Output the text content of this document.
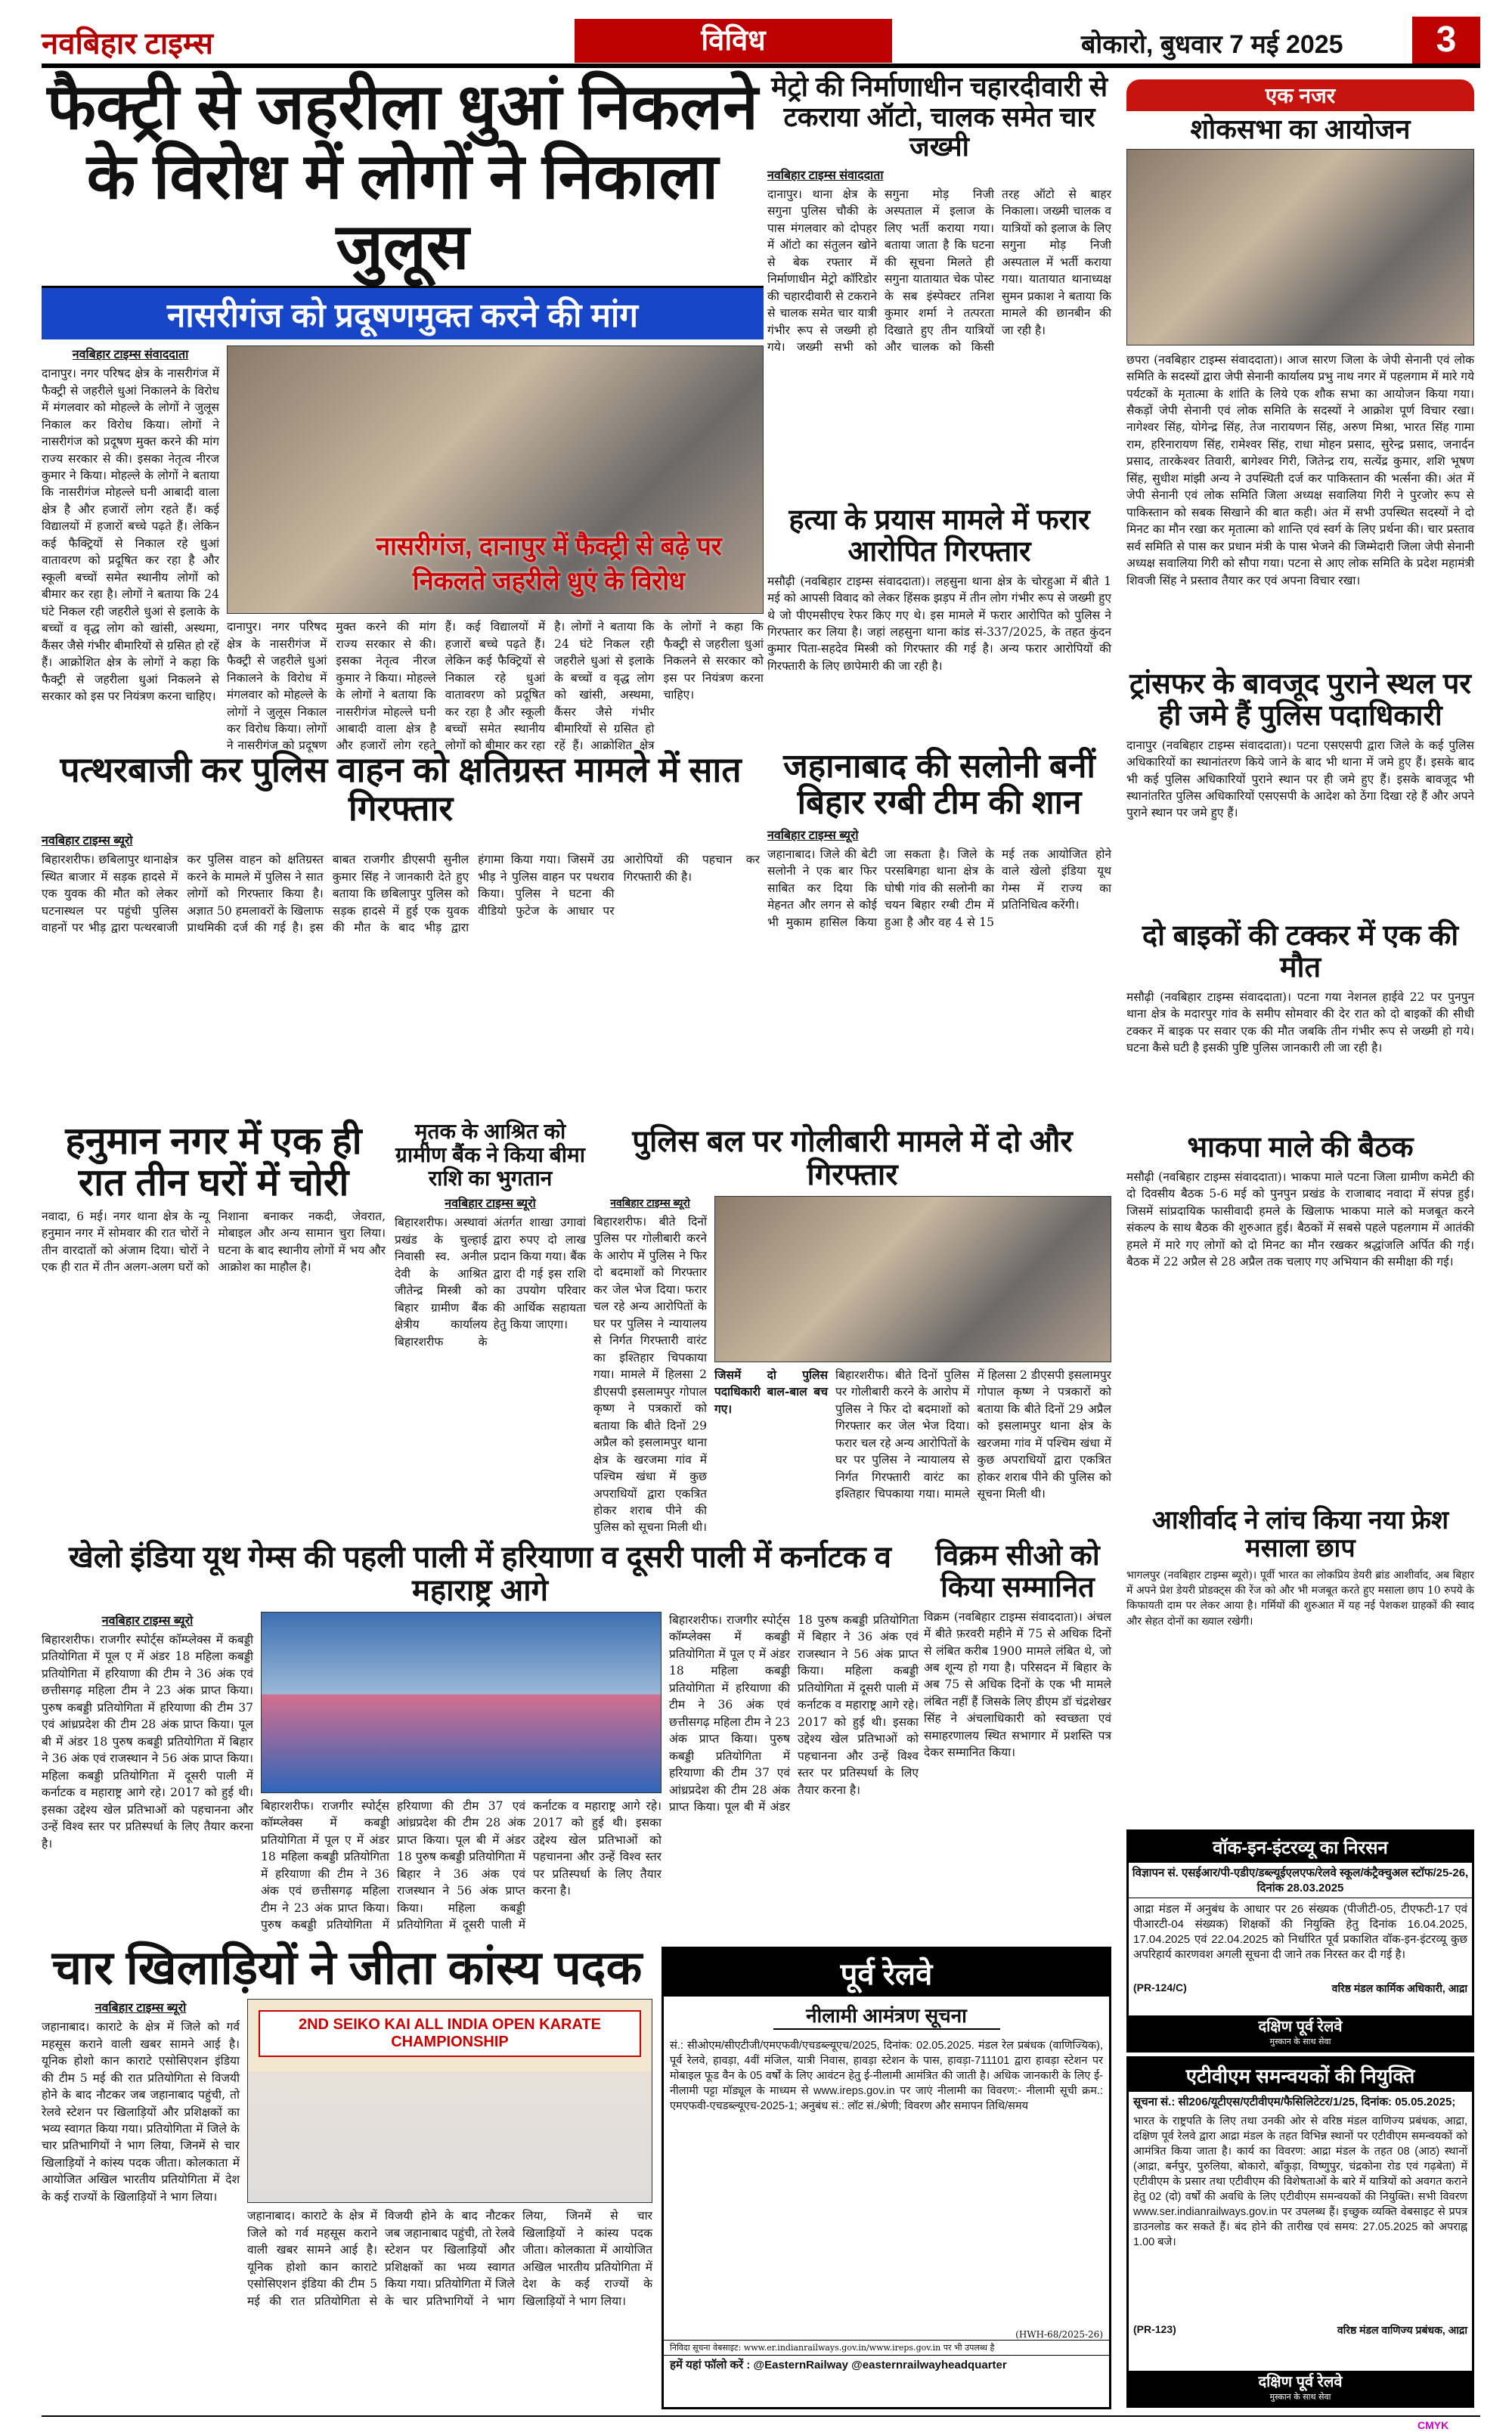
नवबिहार टाइम्स	विविध	बोकारो, बुधवार 7 मई 2025	3
फैक्ट्री से जहरीला धुआं निकलने के विरोध में लोगों ने निकाला जुलूस
नासरीगंज को प्रदूषणमुक्त करने की मांग
नवबिहार टाइम्स संवाददाता
दानापुर। नगर परिषद क्षेत्र के नासरीगंज में फैक्ट्री से जहरीले धुआं निकालने के विरोध में मंगलवार को मोहल्ले के लोगों ने जुलूस निकाल कर विरोध किया। लोगों ने नासरीगंज को प्रदूषण मुक्त करने की मांग राज्य सरकार से की। इसका नेतृत्व नीरज कुमार ने किया। मोहल्ले के लोगों ने बताया कि नासरीगंज मोहल्ले घनी आबादी वाला क्षेत्र है और हजारों लोग रहते हैं। कई विद्यालयों में हजारों बच्चे पढ़ते हैं। लेकिन कई फैक्ट्रियों से निकाल रहे धुआं वातावरण को प्रदूषित कर रहा है और स्कूली बच्चों समेत स्थानीय लोगों को बीमार कर रहा है। लोगों ने बताया कि 24 घंटे निकल रही जहरीले धुआं से इलाके के बच्चों व वृद्ध लोग को खांसी, अस्थमा, कैंसर जैसे गंभीर बीमारियों से ग्रसित हो रहें हैं। आक्रोशित क्षेत्र के लोगों ने कहा कि फैक्ट्री से जहरीला धुआं निकलने से सरकार को इस पर नियंत्रण करना चाहिए।
नासरीगंज, दानापुर में फैक्ट्री से बढ़े पर निकलते जहरीले धुएं के विरोध
दानापुर। नगर परिषद क्षेत्र के नासरीगंज में फैक्ट्री से जहरीले धुआं निकालने के विरोध में मंगलवार को मोहल्ले के लोगों ने जुलूस निकाल कर विरोध किया। लोगों ने नासरीगंज को प्रदूषण मुक्त करने की मांग राज्य सरकार से की। इसका नेतृत्व नीरज कुमार ने किया। मोहल्ले के लोगों ने बताया कि नासरीगंज मोहल्ले घनी आबादी वाला क्षेत्र है और हजारों लोग रहते हैं। कई विद्यालयों में हजारों बच्चे पढ़ते हैं। लेकिन कई फैक्ट्रियों से निकाल रहे धुआं वातावरण को प्रदूषित कर रहा है और स्कूली बच्चों समेत स्थानीय लोगों को बीमार कर रहा है। लोगों ने बताया कि 24 घंटे निकल रही जहरीले धुआं से इलाके के बच्चों व वृद्ध लोग को खांसी, अस्थमा, कैंसर जैसे गंभीर बीमारियों से ग्रसित हो रहें हैं। आक्रोशित क्षेत्र के लोगों ने कहा कि फैक्ट्री से जहरीला धुआं निकलने से सरकार को इस पर नियंत्रण करना चाहिए।
मेट्रो की निर्माणाधीन चहारदीवारी से टकराया ऑटो, चालक समेत चार जख्मी
नवबिहार टाइम्स संवाददाता
दानापुर। थाना क्षेत्र के सगुना पुलिस चौकी के पास मंगलवार को दोपहर में ऑटो का संतुलन खोने से बेक रफ्तार में निर्माणाधीन मेट्रो कॉरिडोर की चहारदीवारी से टकराने से चालक समेत चार यात्री गंभीर रूप से जख्मी हो गये। जख्मी सभी को सगुना मोड़ निजी अस्पताल में इलाज के लिए भर्ती कराया गया। बताया जाता है कि घटना की सूचना मिलते ही सगुना यातायात चेक पोस्ट के सब इंस्पेक्टर तनिश कुमार शर्मा ने तत्परता दिखाते हुए तीन यात्रियों और चालक को किसी तरह ऑटो से बाहर निकाला। जख्मी चालक व यात्रियों को इलाज के लिए सगुना मोड़ निजी अस्पताल में भर्ती कराया गया। यातायात थानाध्यक्ष सुमन प्रकाश ने बताया कि मामले की छानबीन की जा रही है।
हत्या के प्रयास मामले में फरार आरोपित गिरफ्तार
मसौढ़ी (नवबिहार टाइम्स संवाददाता)। लहसुना थाना क्षेत्र के चोरहुआ में बीते 1 मई को आपसी विवाद को लेकर हिंसक झड़प में तीन लोग गंभीर रूप से जख्मी हुए थे जो पीएमसीएच रेफर किए गए थे। इस मामले में फरार आरोपित को पुलिस ने गिरफ्तार कर लिया है। जहां लहसुना थाना कांड सं-337/2025, के तहत कुंदन कुमार पिता-सहदेव मिस्त्री को गिरफ्तार की गई है। अन्य फरार आरोपियों की गिरफ्तारी के लिए छापेमारी की जा रही है।
एक नजर
शोकसभा का आयोजन
छपरा (नवबिहार टाइम्स संवाददाता)। आज सारण जिला के जेपी सेनानी एवं लोक समिति के सदस्यों द्वारा जेपी सेनानी कार्यालय प्रभु नाथ नगर में पहलगाम में मारे गये पर्यटकों के मृतात्मा के शांति के लिये एक शौक सभा का आयोजन किया गया। सैकड़ों जेपी सेनानी एवं लोक समिति के सदस्यों ने आक्रोश पूर्ण विचार रखा। नागेश्वर सिंह, योगेन्द्र सिंह, तेज नारायणन सिंह, अरुण मिश्रा, भारत सिंह गामा राम, हरिनारायण सिंह, रामेश्वर सिंह, राधा मोहन प्रसाद, सुरेन्द्र प्रसाद, जनार्दन प्रसाद, तारकेश्वर तिवारी, बागेश्वर गिरी, जितेन्द्र राय, सत्येंद्र कुमार, शशि भूषण सिंह, सुधीश मांझी अन्य ने उपस्थिती दर्ज कर पाकिस्तान की भर्त्सना की। अंत में जेपी सेनानी एवं लोक समिति जिला अध्यक्ष सवालिया गिरी ने पुरजोर रूप से पाकिस्तान को सबक सिखाने की बात कही। अंत में सभी उपस्थित सदस्यों ने दो मिनट का मौन रखा कर मृतात्मा को शान्ति एवं स्वर्ग के लिए प्रर्थना की। चार प्रस्ताव सर्व समिति से पास कर प्रधान मंत्री के पास भेजने की जिम्मेदारी जिला जेपी सेनानी अध्यक्ष सवालिया गिरी को सौपा गया। पटना से आए लोक समिति के प्रदेश महामंत्री शिवजी सिंह ने प्रस्ताव तैयार कर एवं अपना विचार रखा।
ट्रांसफर के बावजूद पुराने स्थल पर ही जमे हैं पुलिस पदाधिकारी
दानापुर (नवबिहार टाइम्स संवाददाता)। पटना एसएसपी द्वारा जिले के कई पुलिस अधिकारियों का स्थानांतरण किये जाने के बाद भी थाना में जमे हुए हैं। इसके बाद भी कई पुलिस अधिकारियों पुराने स्थान पर ही जमे हुए हैं। इसके बावजूद भी स्थानांतरित पुलिस अधिकारियों एसएसपी के आदेश को ठेंगा दिखा रहे हैं और अपने पुराने स्थान पर जमे हुए हैं।
दो बाइकों की टक्कर में एक की मौत
मसौढ़ी (नवबिहार टाइम्स संवाददाता)। पटना गया नेशनल हाईवे 22 पर पुनपुन थाना क्षेत्र के मदारपुर गांव के समीप सोमवार की देर रात को दो बाइकों की सीधी टक्कर में बाइक पर सवार एक की मौत जबकि तीन गंभीर रूप से जख्मी हो गये। घटना कैसे घटी है इसकी पुष्टि पुलिस जानकारी ली जा रही है।
भाकपा माले की बैठक
मसौढ़ी (नवबिहार टाइम्स संवाददाता)। भाकपा माले पटना जिला ग्रामीण कमेटी की दो दिवसीय बैठक 5-6 मई को पुनपुन प्रखंड के राजाबाद नवादा में संपन्न हुई। जिसमें सांप्रदायिक फासीवादी हमले के खिलाफ भाकपा माले को मजबूत करने संकल्प के साथ बैठक की शुरुआत हुई। बैठकों में सबसे पहले पहलगाम में आतंकी हमले में मारे गए लोगों को दो मिनट का मौन रखकर श्रद्धांजलि अर्पित की गई। बैठक में 22 अप्रैल से 28 अप्रैल तक चलाए गए अभियान की समीक्षा की गई।
आशीर्वाद ने लांच किया नया फ्रेश मसाला छाप
भागलपुर (नवबिहार टाइम्स ब्यूरो)। पूर्वी भारत का लोकप्रिय डेयरी ब्रांड आशीर्वाद, अब बिहार में अपने प्रेश डेयरी प्रोडक्ट्स की रेंज को और भी मजबूत करते हुए मसाला छाप 10 रुपये के किफायती दाम पर लेकर आया है। गर्मियों की शुरुआत में यह नई पेशकश ग्राहकों की स्वाद और सेहत दोनों का ख्याल रखेगी।
वॉक-इन-इंटरव्यू का निरसन
विज्ञापन सं. एसईआर/पी-एडीए/डब्ल्यूईएलएफ/रेलवे स्कूल/कंट्रैक्चुअल स्टॉफ/25-26, दिनांक 28.03.2025
आद्रा मंडल में अनुबंध के आधार पर 26 संख्यक (पीजीटी-05, टीएफटी-17 एवं पीआरटी-04 संख्यक) शिक्षकों की नियुक्ति हेतु दिनांक 16.04.2025, 17.04.2025 एवं 22.04.2025 को निर्धारित पूर्व प्रकाशित वॉक-इन-इंटरव्यू कुछ अपरिहार्य कारणवश अगली सूचना दी जाने तक निरस्त कर दी गई है।
(PR-124/C)	वरिष्ठ मंडल कार्मिक अधिकारी, आद्रा
दक्षिण पूर्व रेलवे
मुस्कान के साथ सेवा
एटीवीएम समन्वयकों की नियुक्ति
सूचना सं.: सी206/यूटीएस/एटीवीएम/फैसिलिटेटर/1/25, दिनांक: 05.05.2025;
भारत के राष्ट्रपति के लिए तथा उनकी ओर से वरिष्ठ मंडल वाणिज्य प्रबंधक, आद्रा, दक्षिण पूर्व रेलवे द्वारा आद्रा मंडल के तहत विभिन्न स्थानों पर एटीवीएम समन्वयकों को आमंत्रित किया जाता है। कार्य का विवरण: आद्रा मंडल के तहत 08 (आठ) स्थानों (आद्रा, बर्नपुर, पुरुलिया, बोकारो, बाँकुड़ा, विष्णुपुर, चंद्रकोना रोड एवं गढ़बेता) में एटीवीएम के प्रसार तथा एटीवीएम की विशेषताओं के बारे में यात्रियों को अवगत कराने हेतु 02 (दो) वर्षों की अवधि के लिए एटीवीएम समन्वयकों की नियुक्ति। सभी विवरण www.ser.indianrailways.gov.in पर उपलब्ध हैं। इच्छुक व्यक्ति वेबसाइट से प्रपत्र डाउनलोड कर सकते हैं। बंद होने की तारीख एवं समय: 27.05.2025 को अपराह्न 1.00 बजे।
(PR-123)	वरिष्ठ मंडल वाणिज्य प्रबंधक, आद्रा
दक्षिण पूर्व रेलवे
मुस्कान के साथ सेवा
पत्थरबाजी कर पुलिस वाहन को क्षतिग्रस्त मामले में सात गिरफ्तार
नवबिहार टाइम्स ब्यूरो
बिहारशरीफ। छबिलापुर थानाक्षेत्र स्थित बाजार में सड़क हादसे में एक युवक की मौत को लेकर घटनास्थल पर पहुंची पुलिस वाहनों पर भीड़ द्वारा पत्थरबाजी कर पुलिस वाहन को क्षतिग्रस्त करने के मामले में पुलिस ने सात लोगों को गिरफ्तार किया है। अज्ञात 50 हमलावरों के खिलाफ प्राथमिकी दर्ज की गई है। इस बाबत राजगीर डीएसपी सुनील कुमार सिंह ने जानकारी देते हुए बताया कि छबिलापुर पुलिस को सड़क हादसे में हुई एक युवक की मौत के बाद भीड़ द्वारा हंगामा किया गया। जिसमें उग्र भीड़ ने पुलिस वाहन पर पथराव किया। पुलिस ने घटना की वीडियो फुटेज के आधार पर आरोपियों की पहचान कर गिरफ्तारी की है।
जहानाबाद की सलोनी बनीं बिहार रग्बी टीम की शान
नवबिहार टाइम्स ब्यूरो
जहानाबाद। जिले की बेटी सलोनी ने एक बार फिर साबित कर दिया कि मेहनत और लगन से कोई भी मुकाम हासिल किया जा सकता है। जिले के परसबिगहा थाना क्षेत्र के घोषी गांव की सलोनी का चयन बिहार रग्बी टीम में हुआ है और वह 4 से 15 मई तक आयोजित होने वाले खेलो इंडिया यूथ गेम्स में राज्य का प्रतिनिधित्व करेंगी।
हनुमान नगर में एक ही रात तीन घरों में चोरी
नवादा, 6 मई। नगर थाना क्षेत्र के न्यू हनुमान नगर में सोमवार की रात चोरों ने तीन वारदातों को अंजाम दिया। चोरों ने एक ही रात में तीन अलग-अलग घरों को निशाना बनाकर नकदी, जेवरात, मोबाइल और अन्य सामान चुरा लिया। घटना के बाद स्थानीय लोगों में भय और आक्रोश का माहौल है।
मृतक के आश्रित को ग्रामीण बैंक ने किया बीमा राशि का भुगतान
नवबिहार टाइम्स ब्यूरो
बिहारशरीफ। अस्थावां प्रखंड के चुल्हाई निवासी स्व. अनील देवी के आश्रित जीतेन्द्र मिस्त्री को बिहार ग्रामीण बैंक क्षेत्रीय कार्यालय बिहारशरीफ के अंतर्गत शाखा उगावां द्वारा रुपए दो लाख प्रदान किया गया। बैंक द्वारा दी गई इस राशि का उपयोग परिवार की आर्थिक सहायता हेतु किया जाएगा।
पुलिस बल पर गोलीबारी मामले में दो और गिरफ्तार
नवबिहार टाइम्स ब्यूरो
बिहारशरीफ। बीते दिनों पुलिस पर गोलीबारी करने के आरोप में पुलिस ने फिर दो बदमाशों को गिरफ्तार कर जेल भेज दिया। फरार चल रहे अन्य आरोपितों के घर पर पुलिस ने न्यायालय से निर्गत गिरफ्तारी वारंट का इश्तिहार चिपकाया गया। मामले में हिलसा 2 डीएसपी इसलामपुर गोपाल कृष्ण ने पत्रकारों को बताया कि बीते दिनों 29 अप्रैल को इसलामपुर थाना क्षेत्र के खरजमा गांव में पश्चिम खंधा में कुछ अपराधियों द्वारा एकत्रित होकर शराब पीने की पुलिस को सूचना मिली थी।
जिसमें दो पुलिस पदाधिकारी बाल-बाल बच गए।
बिहारशरीफ। बीते दिनों पुलिस पर गोलीबारी करने के आरोप में पुलिस ने फिर दो बदमाशों को गिरफ्तार कर जेल भेज दिया। फरार चल रहे अन्य आरोपितों के घर पर पुलिस ने न्यायालय से निर्गत गिरफ्तारी वारंट का इश्तिहार चिपकाया गया। मामले में हिलसा 2 डीएसपी इसलामपुर गोपाल कृष्ण ने पत्रकारों को बताया कि बीते दिनों 29 अप्रैल को इसलामपुर थाना क्षेत्र के खरजमा गांव में पश्चिम खंधा में कुछ अपराधियों द्वारा एकत्रित होकर शराब पीने की पुलिस को सूचना मिली थी।
खेलो इंडिया यूथ गेम्स की पहली पाली में हरियाणा व दूसरी पाली में कर्नाटक व महाराष्ट्र आगे
नवबिहार टाइम्स ब्यूरो
बिहारशरीफ। राजगीर स्पोर्ट्स कॉम्प्लेक्स में कबड्डी प्रतियोगिता में पूल ए में अंडर 18 महिला कबड्डी प्रतियोगिता में हरियाणा की टीम ने 36 अंक एवं छत्तीसगढ़ महिला टीम ने 23 अंक प्राप्त किया। पुरुष कबड्डी प्रतियोगिता में हरियाणा की टीम 37 एवं आंध्रप्रदेश की टीम 28 अंक प्राप्त किया। पूल बी में अंडर 18 पुरुष कबड्डी प्रतियोगिता में बिहार ने 36 अंक एवं राजस्थान ने 56 अंक प्राप्त किया। महिला कबड्डी प्रतियोगिता में दूसरी पाली में कर्नाटक व महाराष्ट्र आगे रहे। 2017 को हुई थी। इसका उद्देश्य खेल प्रतिभाओं को पहचानना और उन्हें विश्व स्तर पर प्रतिस्पर्धा के लिए तैयार करना है।
बिहारशरीफ। राजगीर स्पोर्ट्स कॉम्प्लेक्स में कबड्डी प्रतियोगिता में पूल ए में अंडर 18 महिला कबड्डी प्रतियोगिता में हरियाणा की टीम ने 36 अंक एवं छत्तीसगढ़ महिला टीम ने 23 अंक प्राप्त किया। पुरुष कबड्डी प्रतियोगिता में हरियाणा की टीम 37 एवं आंध्रप्रदेश की टीम 28 अंक प्राप्त किया। पूल बी में अंडर 18 पुरुष कबड्डी प्रतियोगिता में बिहार ने 36 अंक एवं राजस्थान ने 56 अंक प्राप्त किया। महिला कबड्डी प्रतियोगिता में दूसरी पाली में कर्नाटक व महाराष्ट्र आगे रहे। 2017 को हुई थी। इसका उद्देश्य खेल प्रतिभाओं को पहचानना और उन्हें विश्व स्तर पर प्रतिस्पर्धा के लिए तैयार करना है।
बिहारशरीफ। राजगीर स्पोर्ट्स कॉम्प्लेक्स में कबड्डी प्रतियोगिता में पूल ए में अंडर 18 महिला कबड्डी प्रतियोगिता में हरियाणा की टीम ने 36 अंक एवं छत्तीसगढ़ महिला टीम ने 23 अंक प्राप्त किया। पुरुष कबड्डी प्रतियोगिता में हरियाणा की टीम 37 एवं आंध्रप्रदेश की टीम 28 अंक प्राप्त किया। पूल बी में अंडर 18 पुरुष कबड्डी प्रतियोगिता में बिहार ने 36 अंक एवं राजस्थान ने 56 अंक प्राप्त किया। महिला कबड्डी प्रतियोगिता में दूसरी पाली में कर्नाटक व महाराष्ट्र आगे रहे। 2017 को हुई थी। इसका उद्देश्य खेल प्रतिभाओं को पहचानना और उन्हें विश्व स्तर पर प्रतिस्पर्धा के लिए तैयार करना है।
विक्रम सीओ को किया सम्मानित
विक्रम (नवबिहार टाइम्स संवाददाता)। अंचल में बीते फ़रवरी महीने में 75 से अधिक दिनों से लंबित करीब 1900 मामले लंबित थे, जो अब शून्य हो गया है। परिसदन में बिहार के अब 75 से अधिक दिनों के एक भी मामले लंबित नहीं हैं जिसके लिए डीएम डॉ चंद्रशेखर सिंह ने अंचलाधिकारी को स्वच्छता एवं समाहरणालय स्थित सभागार में प्रशस्ति पत्र देकर सम्मानित किया।
चार खिलाड़ियों ने जीता कांस्य पदक
नवबिहार टाइम्स ब्यूरो
जहानाबाद। काराटे के क्षेत्र में जिले को गर्व महसूस कराने वाली खबर सामने आई है। यूनिक होशो कान काराटे एसोसिएशन इंडिया की टीम 5 मई की रात प्रतियोगिता से विजयी होने के बाद नौटकर जब जहानाबाद पहुंची, तो रेलवे स्टेशन पर खिलाड़ियों और प्रशिक्षकों का भव्य स्वागत किया गया। प्रतियोगिता में जिले के चार प्रतिभागियों ने भाग लिया, जिनमें से चार खिलाड़ियों ने कांस्य पदक जीता। कोलकाता में आयोजित अखिल भारतीय प्रतियोगिता में देश के कई राज्यों के खिलाड़ियों ने भाग लिया।
2ND SEIKO KAI ALL INDIA OPEN KARATE CHAMPIONSHIP
जहानाबाद। काराटे के क्षेत्र में जिले को गर्व महसूस कराने वाली खबर सामने आई है। यूनिक होशो कान काराटे एसोसिएशन इंडिया की टीम 5 मई की रात प्रतियोगिता से विजयी होने के बाद नौटकर जब जहानाबाद पहुंची, तो रेलवे स्टेशन पर खिलाड़ियों और प्रशिक्षकों का भव्य स्वागत किया गया। प्रतियोगिता में जिले के चार प्रतिभागियों ने भाग लिया, जिनमें से चार खिलाड़ियों ने कांस्य पदक जीता। कोलकाता में आयोजित अखिल भारतीय प्रतियोगिता में देश के कई राज्यों के खिलाड़ियों ने भाग लिया।
पूर्व रेलवे
नीलामी आमंत्रण सूचना
सं.: सीओएम/सीएटीजी/एमएफवी/एचडब्ल्यूएच/2025, दिनांक: 02.05.2025. मंडल रेल प्रबंधक (वाणिज्यिक), पूर्व रेलवे, हावड़ा, 4वीं मंजिल, यात्री निवास, हावड़ा स्टेशन के पास, हावड़ा-711101 द्वारा हावड़ा स्टेशन पर मोबाइल फूड वैन के 05 वर्षों के लिए आवंटन हेतु ई-नीलामी आमंत्रित की जाती है। अधिक जानकारी के लिए ई-नीलामी पट्टा मॉड्यूल के माध्यम से www.ireps.gov.in पर जाएं नीलामी का विवरण:- नीलामी सूची क्रम.: एमएफवी-एचडब्ल्यूएच-2025-1; अनुबंध सं.: लॉट सं./श्रेणी; विवरण और समापन तिथि/समय
(HWH-68/2025-26)
निविदा सूचना वेबसाइट: www.er.indianrailways.gov.in/www.ireps.gov.in पर भी उपलब्ध है
हमें यहां फॉलो करें : @EasternRailway @easternrailwayheadquarter
CMYK
